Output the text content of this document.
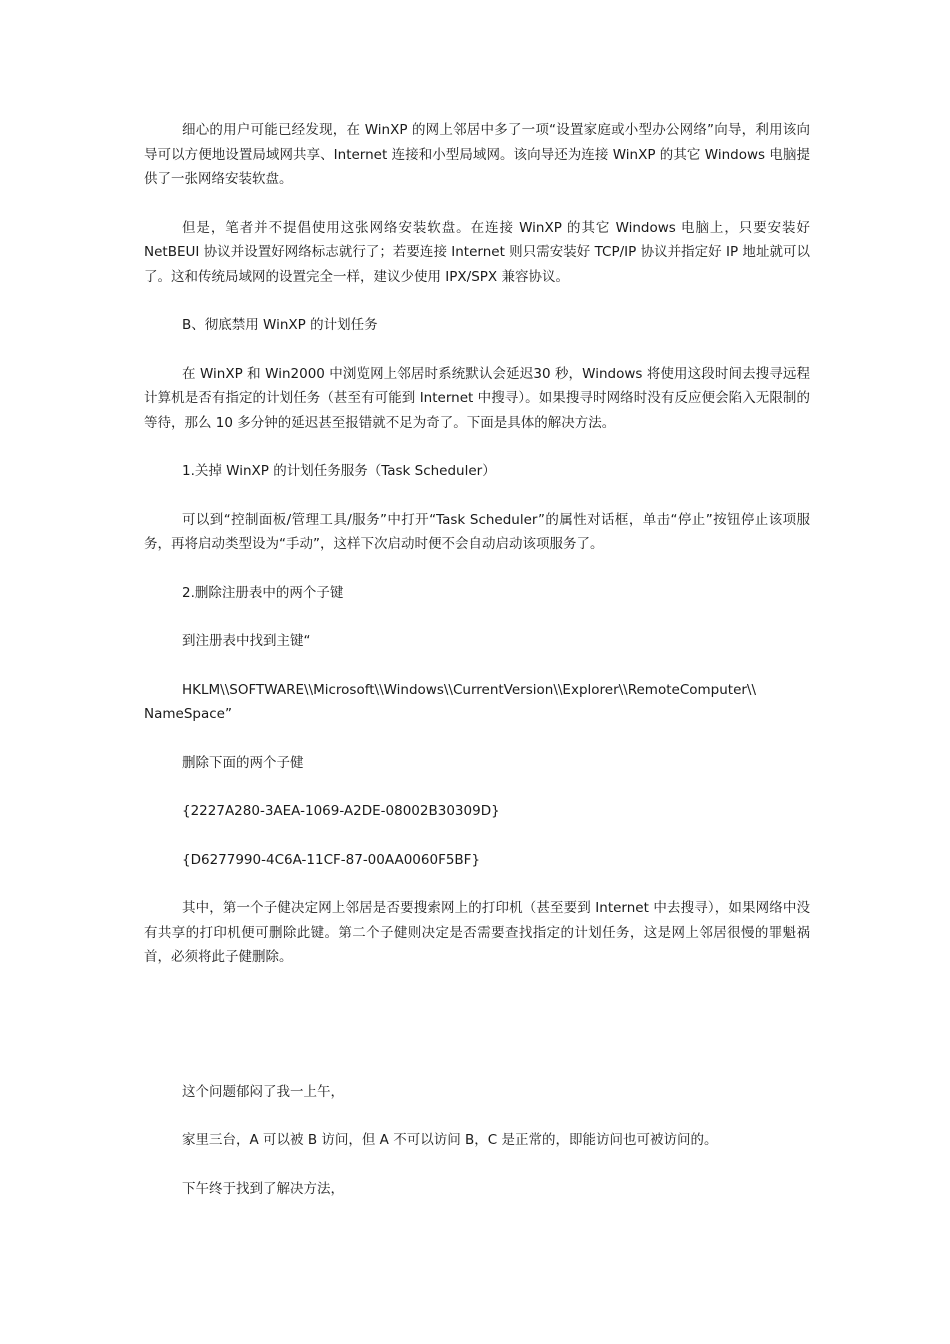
细心的用户可能已经发现，在 WinXP 的网上邻居中多了一项“设置家庭或小型办公网络”向导，利用该向导可以方便地设置局域网共享、Internet 连接和小型局域网。该向导还为连接 WinXP 的其它 Windows 电脑提供了一张网络安装软盘。

但是，笔者并不提倡使用这张网络安装软盘。在连接 WinXP 的其它 Windows 电脑上，只要安装好 NetBEUI 协议并设置好网络标志就行了；若要连接 Internet 则只需安装好 TCP/IP 协议并指定好 IP 地址就可以了。这和传统局域网的设置完全一样，建议少使用 IPX/SPX 兼容协议。

B、彻底禁用 WinXP 的计划任务

在 WinXP 和 Win2000 中浏览网上邻居时系统默认会延迟30 秒，Windows 将使用这段时间去搜寻远程计算机是否有指定的计划任务（甚至有可能到 Internet 中搜寻）。如果搜寻时网络时没有反应便会陷入无限制的等待，那么 10 多分钟的延迟甚至报错就不足为奇了。下面是具体的解决方法。

1.关掉 WinXP 的计划任务服务（Task Scheduler）

可以到“控制面板/管理工具/服务”中打开“Task Scheduler”的属性对话框，单击“停止”按钮停止该项服务，再将启动类型设为“手动”，这样下次启动时便不会自动启动该项服务了。

2.删除注册表中的两个子键

到注册表中找到主键“

HKLM\\SOFTWARE\\Microsoft\\Windows\\CurrentVersion\\Explorer\\RemoteComputer\\ NameSpace”

删除下面的两个子健

{2227A280-3AEA-1069-A2DE-08002B30309D}

{D6277990-4C6A-11CF-87-00AA0060F5BF}

其中，第一个子健决定网上邻居是否要搜索网上的打印机（甚至要到 Internet 中去搜寻），如果网络中没有共享的打印机便可删除此键。第二个子健则决定是否需要查找指定的计划任务，这是网上邻居很慢的罪魁祸首，必须将此子健删除。

这个问题郁闷了我一上午，

家里三台，A 可以被 B 访问，但 A 不可以访问 B，C 是正常的，即能访问也可被访问的。

下午终于找到了解决方法，
